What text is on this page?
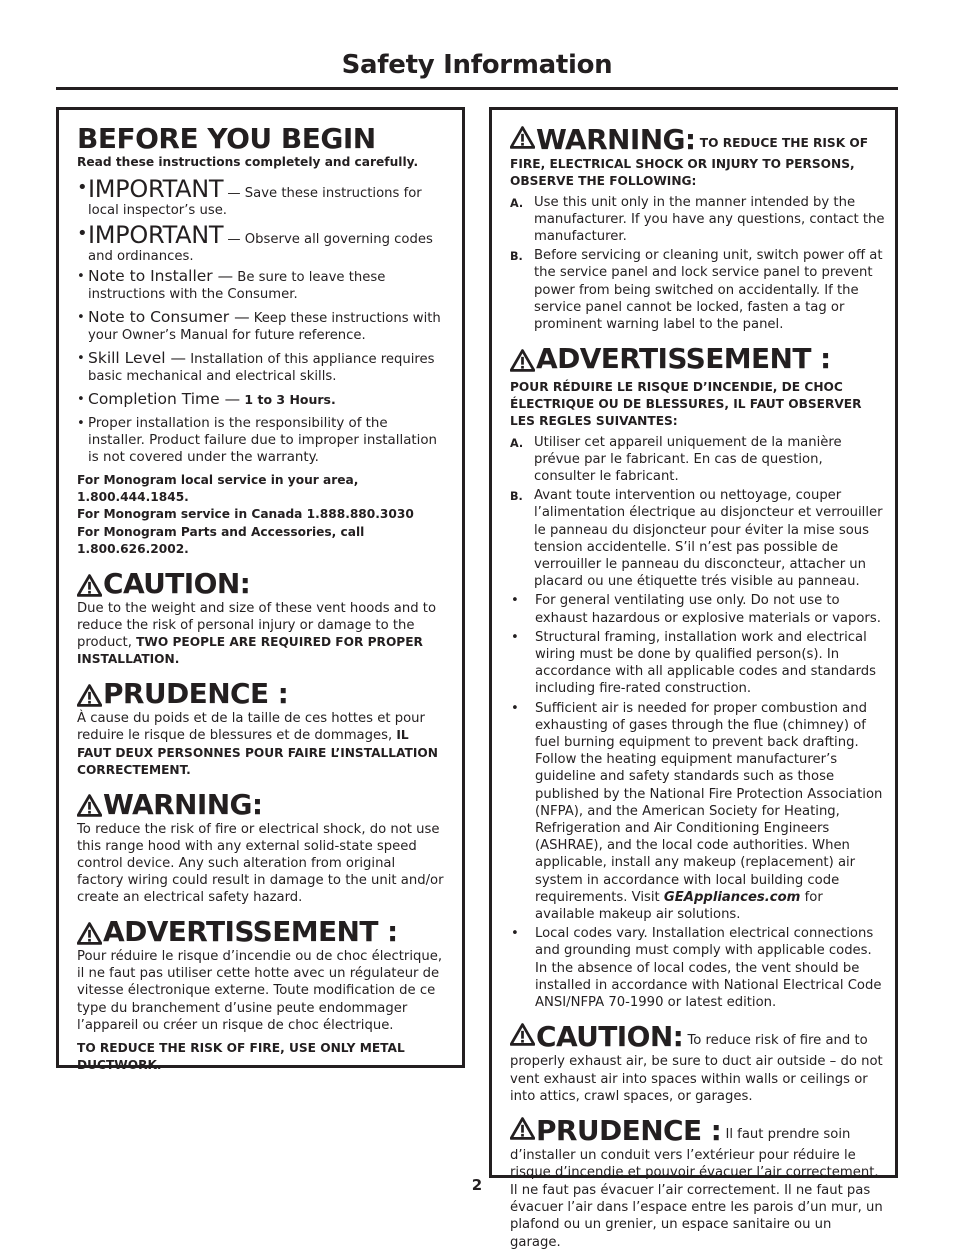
Safety Information
BEFORE YOU BEGIN
Read these instructions completely and carefully.
• IMPORTANT — Save these instructions for local inspector’s use.
• IMPORTANT — Observe all governing codes and ordinances.
• Note to Installer — Be sure to leave these instructions with the Consumer.
• Note to Consumer — Keep these instructions with your Owner’s Manual for future reference.
• Skill Level — Installation of this appliance requires basic mechanical and electrical skills.
• Completion Time — 1 to 3 Hours.
• Proper installation is the responsibility of the installer. Product failure due to improper installation is not covered under the warranty.
For Monogram local service in your area,
1.800.444.1845.
For Monogram service in Canada 1.888.880.3030
For Monogram Parts and Accessories, call
1.800.626.2002.
CAUTION:
Due to the weight and size of these vent hoods and to reduce the risk of personal injury or damage to the product, TWO PEOPLE ARE REQUIRED FOR PROPER INSTALLATION.
PRUDENCE :
À cause du poids et de la taille de ces hottes et pour reduire le risque de blessures et de dommages, IL FAUT DEUX PERSONNES POUR FAIRE L’INSTALLATION CORRECTEMENT.
WARNING:
To reduce the risk of fire or electrical shock, do not use this range hood with any external solid-state speed control device. Any such alteration from original factory wiring could result in damage to the unit and/or create an electrical safety hazard.
ADVERTISSEMENT :
Pour réduire le risque d’incendie ou de choc électrique, il ne faut pas utiliser cette hotte avec un régulateur de vitesse électronique externe. Toute modification de ce type du branchement d’usine peute endommager l’appareil ou créer un risque de choc électrique.
TO REDUCE THE RISK OF FIRE, USE ONLY METAL DUCTWORK.
WARNING: TO REDUCE THE RISK OF FIRE, ELECTRICAL SHOCK OR INJURY TO PERSONS, OBSERVE THE FOLLOWING:
A. Use this unit only in the manner intended by the manufacturer. If you have any questions, contact the manufacturer.
B. Before servicing or cleaning unit, switch power off at the service panel and lock service panel to prevent power from being switched on accidentally. If the service panel cannot be locked, fasten a tag or prominent warning label to the panel.
ADVERTISSEMENT :
POUR RÉDUIRE LE RISQUE D’INCENDIE, DE CHOC ÉLECTRIQUE OU DE BLESSURES, IL FAUT OBSERVER LES REGLES SUIVANTES:
A. Utiliser cet appareil uniquement de la manière prévue par le fabricant. En cas de question, consulter le fabricant.
B. Avant toute intervention ou nettoyage, couper l’alimentation électrique au disjoncteur et verrouiller le panneau du disjoncteur pour éviter la mise sous tension accidentelle. S’il n’est pas possible de verrouiller le panneau du disconcteur, attacher un placard ou une étiquette trés visible au panneau.
•	For general ventilating use only. Do not use to exhaust hazardous or explosive materials or vapors.
•	Structural framing, installation work and electrical wiring must be done by qualified person(s). In accordance with all applicable codes and standards including fire-rated construction.
•	Sufficient air is needed for proper combustion and exhausting of gases through the flue (chimney) of fuel burning equipment to prevent back drafting. Follow the heating equipment manufacturer’s guideline and safety standards such as those published by the National Fire Protection Association (NFPA), and the American Society for Heating, Refrigeration and Air Conditioning Engineers (ASHRAE), and the local code authorities. When applicable, install any makeup (replacement) air system in accordance with local building code requirements. Visit GEAppliances.com for available makeup air solutions.
•	Local codes vary. Installation electrical connections and grounding must comply with applicable codes. In the absence of local codes, the vent should be installed in accordance with National Electrical Code ANSI/NFPA 70-1990 or latest edition.
CAUTION: To reduce risk of fire and to properly exhaust air, be sure to duct air outside – do not vent exhaust air into spaces within walls or ceilings or into attics, crawl spaces, or garages.
PRUDENCE : Il faut prendre soin d’installer un conduit vers l’extérieur pour réduire le risque d’incendie et pouvoir évacuer l’air correctement. Il ne faut pas évacuer l’air correctement. Il ne faut pas évacuer l’air dans l’espace entre les parois d’un mur, un plafond ou un grenier, un espace sanitaire ou un garage.
2
